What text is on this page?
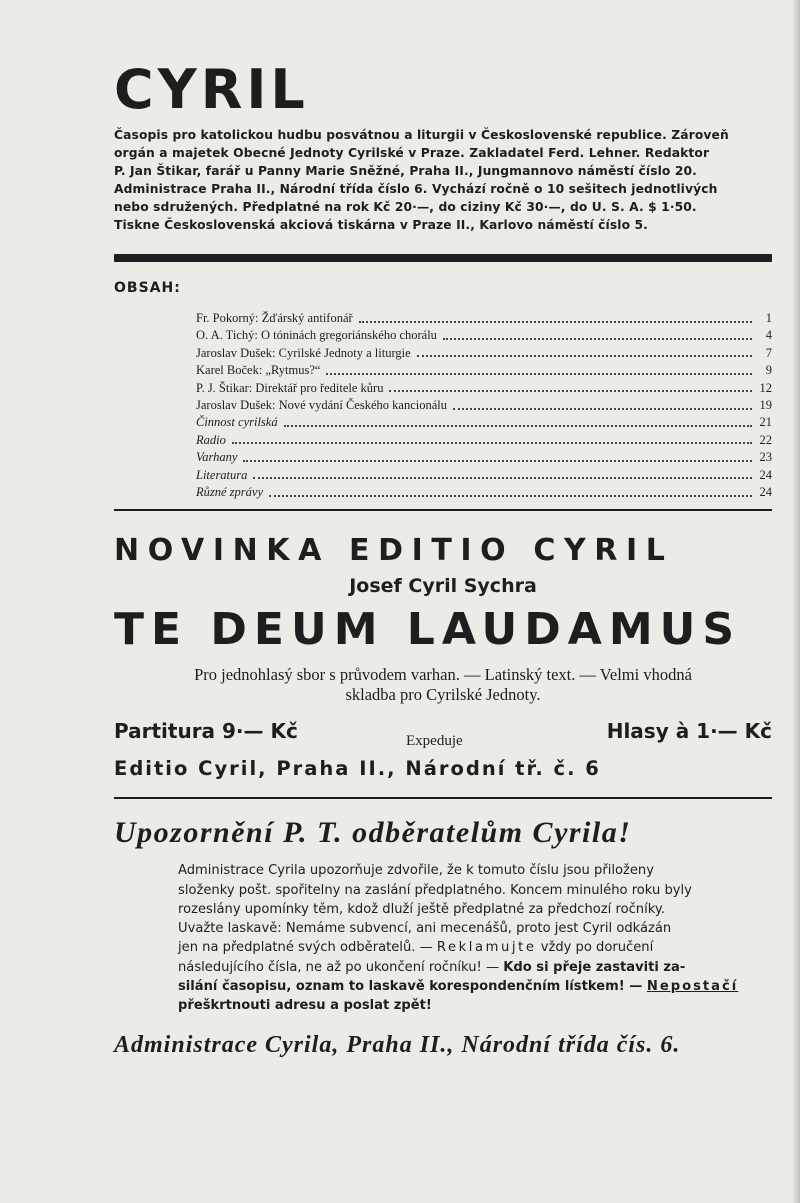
CYRIL
Časopis pro katolickou hudbu posvátnou a liturgii v Československé republice. Zároveň
orgán a majetek Obecné Jednoty Cyrilské v Praze. Zakladatel Ferd. Lehner. Redaktor
P. Jan Štikar, farář u Panny Marie Sněžné, Praha II., Jungmannovo náměstí číslo 20.
Administrace Praha II., Národní třída číslo 6. Vychází ročně o 10 sešitech jednotlivých
nebo sdružených. Předplatné na rok Kč 20·—, do ciziny Kč 30·—, do U. S. A. $ 1·50.
Tiskne Československá akciová tiskárna v Praze II., Karlovo náměstí číslo 5.
OBSAH:
Fr. Pokorný: Žďárský antifonář	1
O. A. Tichý: O tóninách gregoriánského chorálu	4
Jaroslav Dušek: Cyrilské Jednoty a liturgie	7
Karel Boček: „Rytmus?“	9
P. J. Štikar: Direktář pro ředitele kůru	12
Jaroslav Dušek: Nové vydání Českého kancionálu	19
Činnost cyrilská	21
Radio	22
Varhany	23
Literatura	24
Různé zprávy	24
NOVINKA EDITIO CYRIL
Josef Cyril Sychra
TE DEUM LAUDAMUS
Pro jednohlasý sbor s průvodem varhan. — Latinský text. — Velmi vhodná
skladba pro Cyrilské Jednoty.
Partitura 9·— Kč	Expeduje	Hlasy à 1·— Kč
Editio Cyril, Praha II., Národní tř. č. 6
Upozornění P. T. odběratelům Cyrila!
Administrace Cyrila upozorňuje zdvořile, že k tomuto číslu jsou přiloženy
složenky pošt. spořitelny na zaslání předplatného. Koncem minulého roku byly
rozeslány upomínky těm, kdož dluží ještě předplatné za předchozí ročníky.
Uvažte laskavě: Nemáme subvencí, ani mecenášů, proto jest Cyril odkázán
jen na předplatné svých odběratelů. — Reklamujte vždy po doručení
následujícího čísla, ne až po ukončení ročníku! — Kdo si přeje zastaviti za-
silání časopisu, oznam to laskavě korespondenčním lístkem! — Nepostačí
přeškrtnouti adresu a poslat zpět!
Administrace Cyrila, Praha II., Národní třída čís. 6.
